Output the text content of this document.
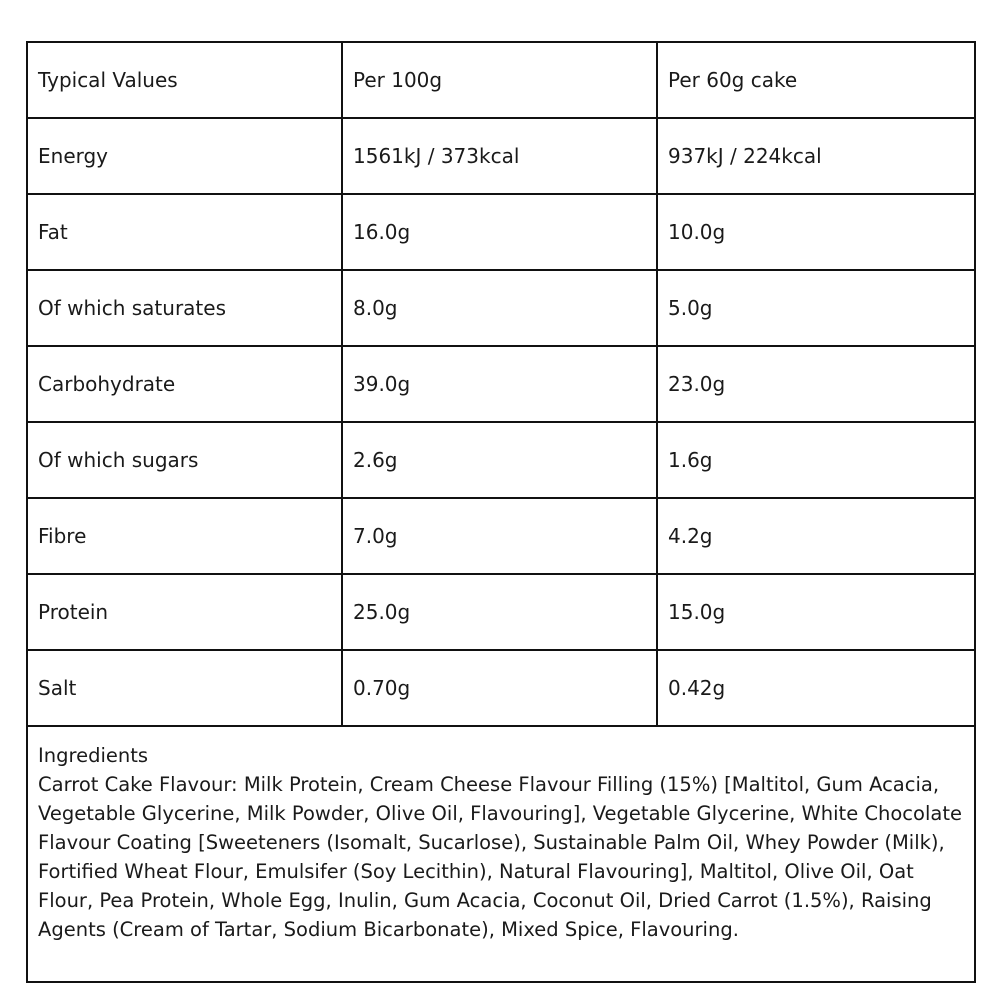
Typical Values	Per 100g	Per 60g cake
Energy	1561kJ / 373kcal	937kJ / 224kcal
Fat	16.0g	10.0g
Of which saturates	8.0g	5.0g
Carbohydrate	39.0g	23.0g
Of which sugars	2.6g	1.6g
Fibre	7.0g	4.2g
Protein	25.0g	15.0g
Salt	0.70g	0.42g

Ingredients
Carrot Cake Flavour: Milk Protein, Cream Cheese Flavour Filling (15%) [Maltitol, Gum Acacia, Vegetable Glycerine, Milk Powder, Olive Oil, Flavouring], Vegetable Glycerine, White Chocolate Flavour Coating [Sweeteners (Isomalt, Sucarlose), Sustainable Palm Oil, Whey Powder (Milk), Fortified Wheat Flour, Emulsifer (Soy Lecithin), Natural Flavouring], Maltitol, Olive Oil, Oat Flour, Pea Protein, Whole Egg, Inulin, Gum Acacia, Coconut Oil, Dried Carrot (1.5%), Raising Agents (Cream of Tartar, Sodium Bicarbonate), Mixed Spice, Flavouring.		
